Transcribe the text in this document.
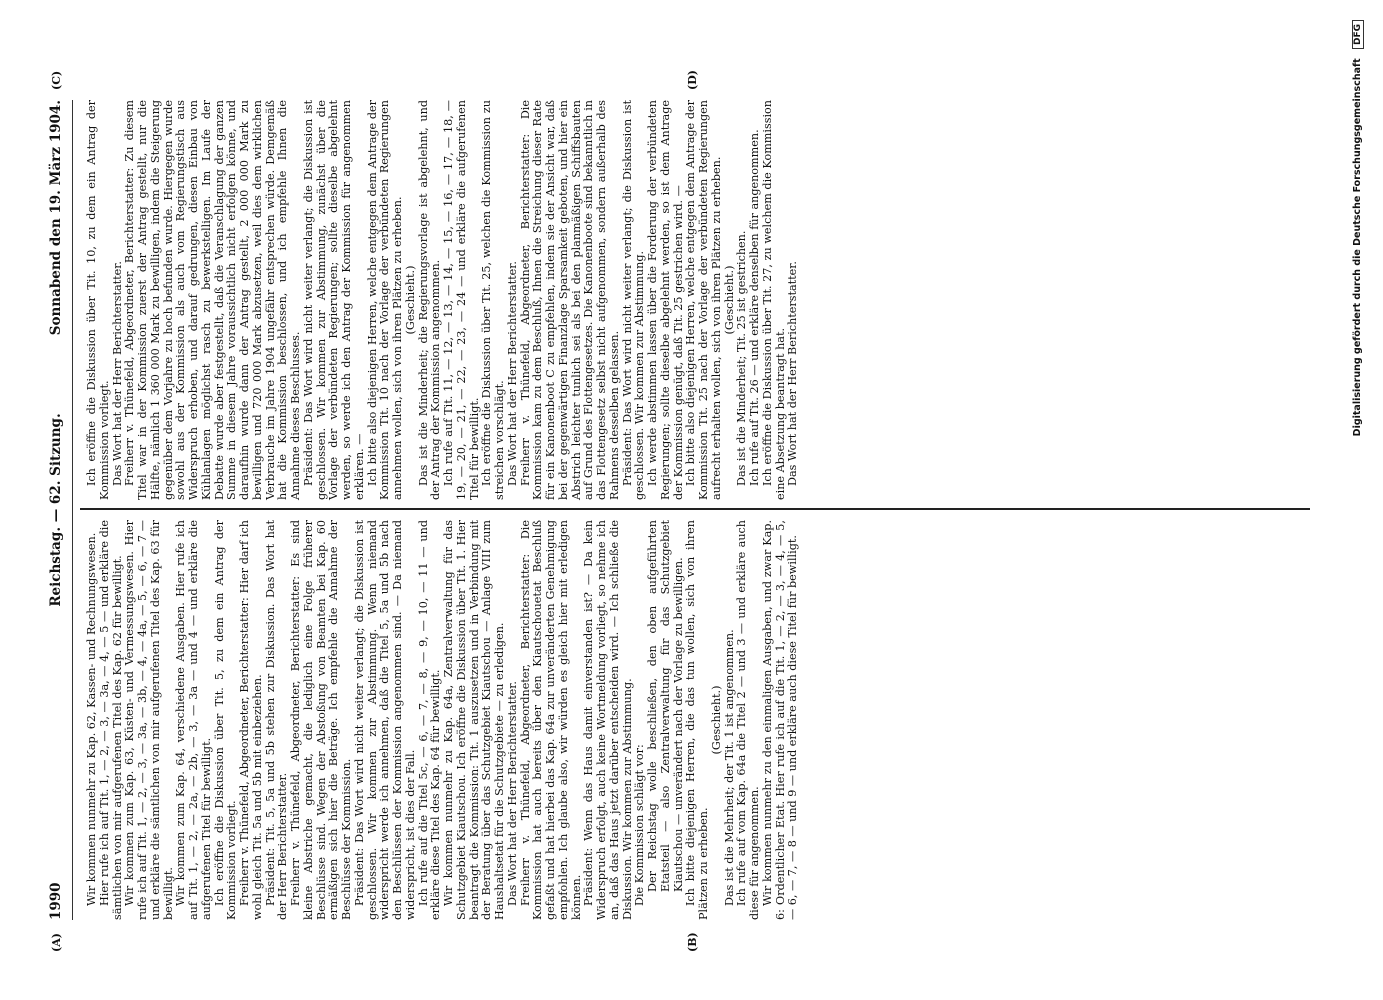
(A)	(B)
(C)	(D)
1990
Reichstag. — 62. Sitzung.
Sonnabend den 19. März 1904.

Wir kommen nunmehr zu Kap. 62, Kassen- und Rechnungswesen. Hier rufe ich auf Tit. 1, — 2, — 3, — 3a, — 4, — 5 — und erkläre die sämtlichen von mir aufgerufenen Titel des Kap. 62 für bewilligt. Wir kommen zum Kap. 63, Küsten- und Vermessungswesen. Hier rufe ich auf Tit. 1, — 2, — 3, — 3a, — 3b, — 4, — 4a, — 5, — 6, — 7 — und erkläre die sämtlichen von mir aufgerufenen Titel des Kap. 63 für bewilligt. Wir kommen zum Kap. 64, verschiedene Ausgaben. Hier rufe ich auf Tit. 1, — 2, — 2a, — 2b, — 3, — 3a — und 4 — und erkläre die aufgerufenen Titel für bewilligt. Ich eröffne die Diskussion über Tit. 5, zu dem ein Antrag der Kommission vorliegt. Freiherr v. Thünefeld, Abgeordneter, Berichterstatter: Hier darf ich wohl gleich Tit. 5a und 5b mit einbeziehen. Präsident: Tit. 5, 5a und 5b stehen zur Diskussion. Das Wort hat der Herr Berichterstatter. Freiherr v. Thünefeld, Abgeordneter, Berichterstatter: Es sind kleine Abstriche gemacht, die lediglich eine Folge früherer Beschlüsse sind. Wegen der Abstoßung von Beamten bei Kap. 60 ermäßigen sich hier die Beträge. Ich empfehle die Annahme der Beschlüsse der Kommission. Präsident: Das Wort wird nicht weiter verlangt; die Diskussion ist geschlossen. Wir kommen zur Abstimmung. Wenn niemand widerspricht werde ich annehmen, daß die Titel 5, 5a und 5b nach den Beschlüssen der Kommission angenommen sind. — Da niemand widerspricht, ist dies der Fall. Ich rufe auf die Titel 5c, — 6, — 7, — 8, — 9, — 10, — 11 — und erkläre diese Titel des Kap. 64 für bewilligt. Wir kommen nunmehr zu Kap. 64a, Zentralverwaltung für das Schutzgebiet Kiautschou. Ich eröffne die Diskussion über Tit. 1. Hier beantragt die Kommission: Tit. 1 auszusetzen und in Verbindung mit der Beratung über das Schutzgebiet Kiautschou — Anlage VIII zum Haushaltsetat für die Schutzgebiete — zu erledigen. Das Wort hat der Herr Berichterstatter. Freiherr v. Thünefeld, Abgeordneter, Berichterstatter: Die Kommission hat auch bereits über den Kiautschouetat Beschluß gefaßt und hat hierbei das Kap. 64a zur unveränderten Genehmigung empfohlen. Ich glaube also, wir würden es gleich hier mit erledigen können. Präsident: Wenn das Haus damit einverstanden ist? — Da kein Widerspruch erfolgt, auch keine Wortmeldung vorliegt, so nehme ich an, daß das Haus jetzt darüber entscheiden wird. — Ich schließe die Diskussion. Wir kommen zur Abstimmung. Die Kommission schlägt vor: Der Reichstag wolle beschließen, den oben aufgeführten Etatsteil — also Zentralverwaltung für das Schutzgebiet Kiautschou — unverändert nach der Vorlage zu bewilligen. Ich bitte diejenigen Herren, die das tun wollen, sich von ihren Plätzen zu erheben.

(Geschieht.) Das ist die Mehrheit; der Tit. 1 ist angenommen. Ich rufe auf vom Kap. 64a die Titel 2 — und 3 — und erkläre auch diese für angenommen. Wir kommen nunmehr zu den einmaligen Ausgaben, und zwar Kap. 6: Ordentlicher Etat. Hier rufe ich auf die Tit. 1, — 2, — 3, — 4, — 5, — 6, — 7, — 8 — und 9 — und erkläre auch diese Titel für bewilligt.

Ich eröffne die Diskussion über Tit. 10, zu dem ein Antrag der Kommission vorliegt. Das Wort hat der Herr Berichterstatter. Freiherr v. Thünefeld, Abgeordneter, Berichterstatter: Zu diesem Titel war in der Kommission zuerst der Antrag gestellt, nur die Hälfte, nämlich 1 360 000 Mark zu bewilligen, indem die Steigerung gegenüber dem Vorjahre zu hoch befunden wurde. Hiergegen wurde sowohl aus der Kommission als auch vom Regierungstisch aus Widerspruch erhoben, und darauf gedrungen, diesen Einbau von Kühlanlagen möglichst rasch zu bewerkstelligen. Im Laufe der Debatte wurde aber festgestellt, daß die Veranschlagung der ganzen Summe in diesem Jahre voraussichtlich nicht erfolgen könne, und daraufhin wurde dann der Antrag gestellt, 2 000 000 Mark zu bewilligen und 720 000 Mark abzusetzen, weil dies dem wirklichen Verbrauche im Jahre 1904 ungefähr entsprechen würde. Demgemäß hat die Kommission beschlossen, und ich empfehle Ihnen die Annahme dieses Beschlusses. Präsident: Das Wort wird nicht weiter verlangt; die Diskussion ist geschlossen. Wir kommen zur Abstimmung, zunächst über die Vorlage der verbündeten Regierungen; sollte dieselbe abgelehnt werden, so werde ich den Antrag der Kommission für angenommen erklären. — Ich bitte also diejenigen Herren, welche entgegen dem Antrage der Kommission Tit. 10 nach der Vorlage der verbündeten Regierungen annehmen wollen, sich von ihren Plätzen zu erheben. (Geschieht.) Das ist die Minderheit; die Regierungsvorlage ist abgelehnt, und der Antrag der Kommission angenommen. Ich rufe auf Tit. 11, — 12, — 13, — 14, — 15, — 16, — 17, — 18, — 19, — 20, — 21, — 22, — 23, — 24 — und erkläre die aufgerufenen Titel für bewilligt. Ich eröffne die Diskussion über Tit. 25, welchen die Kommission zu streichen vorschlägt. Das Wort hat der Herr Berichterstatter. Freiherr v. Thünefeld, Abgeordneter, Berichterstatter: Die Kommission kam zu dem Beschluß, Ihnen die Streichung dieser Rate für ein Kanonenboot C zu empfehlen, indem sie der Ansicht war, daß bei der gegenwärtigen Finanzlage Sparsamkeit geboten, und hier ein Abstrich leichter tunlich sei als bei den planmäßigen Schiffsbauten auf Grund des Flottengesetzes. Die Kanonenboote sind bekanntlich in das Flottengesetz selbst nicht aufgenommen, sondern außerhalb des Rahmens desselben gelassen. Präsident: Das Wort wird nicht weiter verlangt; die Diskussion ist geschlossen. Wir kommen zur Abstimmung. Ich werde abstimmen lassen über die Forderung der verbündeten Regierungen; sollte dieselbe abgelehnt werden, so ist dem Antrage der Kommission genügt, daß Tit. 25 gestrichen wird. — Ich bitte also diejenigen Herren, welche entgegen dem Antrage der Kommission Tit. 25 nach der Vorlage der verbündeten Regierungen aufrecht erhalten wollen, sich von ihren Plätzen zu erheben. (Geschieht.) Das ist die Minderheit; Tit. 25 ist gestrichen. Ich rufe auf Tit. 26 — und erkläre denselben für angenommen. Ich eröffne die Diskussion über Tit. 27, zu welchem die Kommission eine Absetzung beantragt hat. Das Wort hat der Herr Berichterstatter.	Digitalisierung gefördert durch die Deutsche Forschungsgemeinschaft DFG
